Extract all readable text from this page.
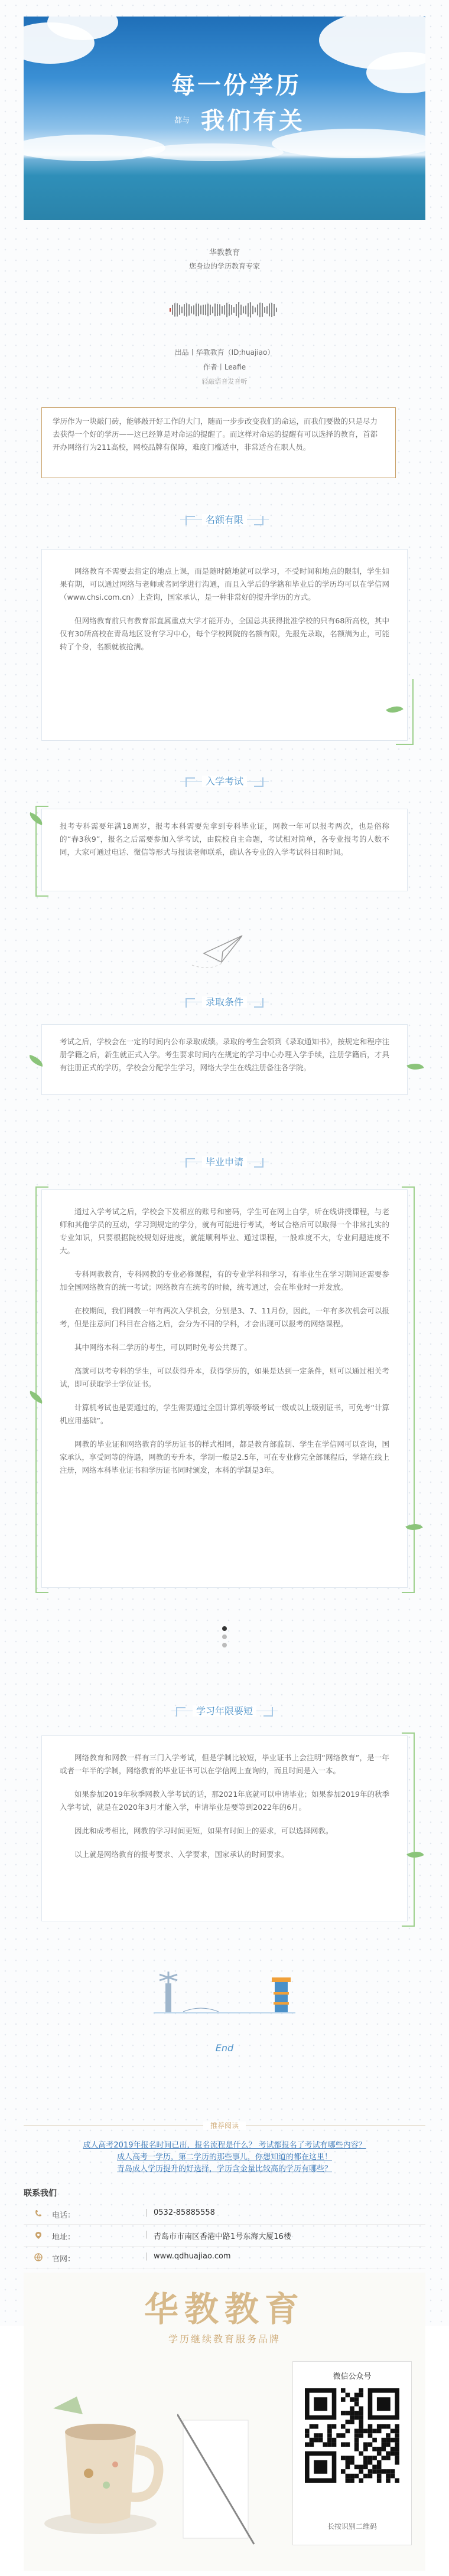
每一份学历
都与 我们有关
华教教育
您身边的学历教育专家
出品丨华教教育（ID:huajiao）
作者丨Leafie
轻敲语音发音听
学历作为一块敲门砖，能够敲开好工作的大门，随而一步步改变我们的命运，而我们要做的只是尽力去获得一个好的学历——这已经算是对命运的提醒了。而这样对命运的提醒有可以选择的教育，首都开办网络行为211高校，网校品牌有保障，难度门槛适中，非常适合在职人员。
名额有限

网络教育不需要去指定的地点上课，而是随时随地就可以学习，不受时间和地点的限制，学生如果有期，可以通过网络与老师或者同学进行沟通，而且入学后的学籍和毕业后的学历均可以在学信网（www.chsi.com.cn）上查询，国家承认，是一种非常好的提升学历的方式。

但网络教育前只有教育部直属重点大学才能开办，全国总共获得批准学校的只有68所高校，其中仅有30所高校在青岛地区设有学习中心，每个学校网院的名额有限，先报先录取，名额满为止，可能转了个身，名额就被抢满。

入学考试

报考专科需要年满18周岁，报考本科需要先拿到专科毕业证，网教一年可以报考两次，也是俗称的“春3秋9”，报名之后需要参加入学考试，由院校自主命题，考试相对简单，各专业报考的人数不同，大家可通过电话、微信等形式与报读老师联系，确认各专业的入学考试科目和时间。

录取条件

考试之后，学校会在一定的时间内公布录取成绩。录取的考生会领到《录取通知书》，按规定和程序注册学籍之后，新生就正式入学。考生要求时间内在规定的学习中心办理入学手续，注册学籍后，才具有注册正式的学历，学校会分配学生学习，网络大学生在线注册备注各学院。

毕业申请

通过入学考试之后，学校会下发相应的账号和密码，学生可在网上自学，听在线讲授课程，与老师和其他学员的互动，学习到规定的学分，就有可能进行考试，考试合格后可以取得一个非常扎实的专业知识，只要根据院校规划好进度，就能顺利毕业、通过课程，一般难度不大，专业问题进度不大。

专科网教教育，专科网教的专业必修课程，有的专业学科和学习，有毕业生在学习期间还需要参加全国网络教育的统一考试；网络教育在统考的时候，统考通过，会在毕业时一并发放。

在校期间，我们网教一年有两次入学机会，分别是3、7、11月份，因此，一年有多次机会可以报考，但是注意问门科目在合格之后，会分为不同的学科，才会出现可以报考的网络课程。

其中网络本科二学历的考生，可以同时免考公共课了。

高就可以考专科的学生，可以获得升本，获得学历的，如果是达到一定条件，则可以通过相关考试，即可获取学士学位证书。

计算机考试也是要通过的，学生需要通过全国计算机等级考试一级或以上级别证书，可免考“计算机应用基础”。

网教的毕业证和网络教育的学历证书的样式相同，都是教育部监制、学生在学信网可以查询，国家承认，享受同等的待遇，网教的专升本，学制一般是2.5年，可在专业修完全部课程后，学籍在线上注册，网络本科毕业证书和学历证书同时颁发，本科的学制是3年。

学习年限要短

网络教育和网教一样有三门入学考试，但是学制比较短，毕业证书上会注明“网络教育”，是一年或者一年半的学制，网络教育的毕业证书可以在学信网上查询的，而且时间是入一本。

如果参加2019年秋季网教入学考试的话，那2021年底就可以申请毕业；如果参加2019年的秋季入学考试，就是在2020年3月才能入学，申请毕业是要等到2022年的6月。

因此和成考相比，网教的学习时间更短，如果有时间上的要求，可以选择网教。

以上就是网络教育的报考要求、入学要求，国家承认的时间要求。

End
推荐阅读
成人高考2019年报名时间已出，报名流程是什么？ 考试都报名了考试有哪些内容？
成人高考一学历，第二学历的那些事儿，你想知道的都在这里！
青岛成人学历提升的好选择，学历含金量比较高的学历有哪些？
联系我们
电话：	| 0532-85885558
地址：	| 青岛市市南区香港中路1号东海大厦16楼
官网：	| www.qdhuajiao.com
华教教育
学历继续教育服务品牌
微信公众号
长按识别二维码
